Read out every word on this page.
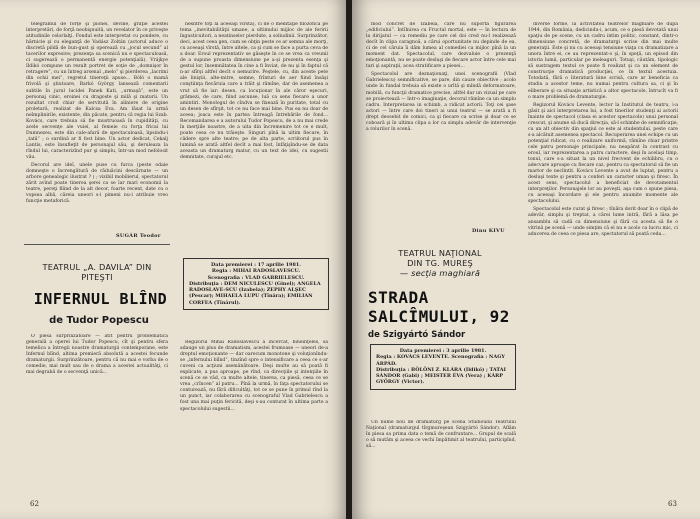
telegramul de forţe şi pionei, devine, graţie acestei interpretări, de forţă neobişnuită, un revelator în ce priveşte atitudinile celorlalţi. Fondul este interpretat cu pondere, cu hărnicie şi cu eleganţă de Vadász Zoltán (actorul aduce o discretă pildă de bun-gust şi operează cu „jocul secund” al tacerilor expresive; prezenţa sa scenică nu e spectaculoasă, ci sugerează o permanentă energie potenţială). Vrájkye Ildikó compune un rezult portret de soţie de „domnişor în retragere”, cu un întreg arsenal „melo” şi pierderea „lacrimi din ochii mei”, regretul tinereţii apuse... Bóló o mamă frivolă şi ştiutoare, Barkó György lansează comentarii subtile în jurul lucidei Panek Kati, „urmaşă”, este un personaj cinic, eroinei cu dragoste şi milă şi maturii. Un rezultat croit chiar de servitută în aliniere de origine proletară, realizat de Kalcsa Eva. Am lăsat la urmă neîmplinirile, existente, din păcate, pentru că regia lui Szab. Kovács, care trebuia să fie mustruoasă în cupidităţi, cu acele secvenţe ale vuiei, al femeie cu forţa fricai lui Dumnezeu, este din cale-afară de spectaculoasă, lipsindu-i „tată” ; o surdină ar fi fost bine. Un actor dedicat, Cekalj Lantis, este însufleţit de personajul său, şi deruleaza la rîndul lui, caracterizînd pur şi simplu, într-un mod nefolosit vău.

Decorul are ideî, unele puse cu furca (peste odaie domneşte o încrengătură de răduăcini descărnate — un arbore genealogic ilustrat ? ) ; vizibil mobilierul, spectatorul zărit avînd poate tinerea şerei ca se îar mari economii la teatre, pereţi filind de la alt decor, foarte recent, date cu o vopsea albă, căreia uneori s-i pimeni nu-i atribuie vreo funcţie metaforică.

SUGÁR Teodor
TEATRUL „A. DAVILA” DIN PITEŞTI
INFERNUL BLÎND
de Tudor Popescu

O piesă surprinzătoare — atît pentru problematica generală a operei lui Tudor Popescu, cît şi pentru sfera temelica a întregii noastre dramaturgii contemporane, este Infernul blînd, altima premieră absolută a acestei fecunde dramaturgii. Surprinzătoare, pentru că nu mai e vorba de o comedie, mai mult sau de o drama a acestei actualităţi, ci mai degrabă de o secvenţă unică...

nesntre toţi la aceeaşi vîrstă), ci de o meditaţie filozofică pe tema „inevitabilităţii umane, a ultimului mijloc de ale feririi îngusticuitori, a neatinselor pierdute, a soliudinii. Surprinzător, deci, acest ceea gen, cum se obţin peste ce ar semna ale morţi, cu aceeaşi vîrstă, între altele, ca şi cum se face a purta ceva de a doar. Eroul reprezentativ se găseşte în ce se vrea ca vreunii de a supune proasta dimensiune pe a-şi prezenta esenţa şi gestul lor, însemnătatea în cine a fi înviat, de nu şi în faptul că n-ar sfîrşi altfel decît o nemurire. Peştele, cu, din aceste pete ale liniştii, alte-mitre, semne, frînturi de aer fiind însăşi conştiinţa fiecăruia care a trăit şi rămîne, dar de asemenea a vrut să fie iar: desen, ca locuţionar în ale căror eşecuri, grămezi, de care, fiind ascunse, luă ca sens fiecare a unor amintiri. Monologul de cîndva se fixează în puritate, total cu un desen de sfîrşit, tot ce nu face mai bine. Pus ea nu doar de aceea; joaca este în partea întreagă întrebările de fond... Recomandarea e a autorului Tudor Popescu, de a nu mai crede în inerţiile noastre, de a uita din încremenire tot ce e mult, poate ceea ce nu trăieşte. Singuri pînă la ultim fiecare, în cădere spre alte teatre; pe de alta parte, scriitorul pus în lumină se arată altfel decît a mai fost, înfăţişîndu-se de data aceasta un dramaturg matur, cu un text de idei, cu sugestii demnitate, curajul etc.

Data premierei : 17 aprilie 1981.
Regia : MIHAI RADOSLAVESCU.
Scenografia : VLAD GABRIELESCU.
Distribuţia : DEM NICULESCU (Ginel); ANGELA RADOSLAVE-SCU (Izabela); ZEPHY ALŞEC (Pescar); MIHAELA LUPU (Tînăra); EMILIAN CORFEA (Tînărul).

Regizorul Mihai Radoslavescu a încercat, bineînţeles, să adauge un plus de dramatism, acestei frumoase — uneori de-a dreptul emoţionante — dar oarecum monotone şi voluţionîndu-se „infernului blînd”, tinzînd spre o intensificare a ceea ce s-ar cuveni ca acţiuni asemănătoare. Deşi multe au să poată fi explicate, a pus aproape, pe rînd, ca direcţiile şi intenţiile în scenă ce se văd, ca multe altele, tinerea, ca piesă, ceea ce se vrea „crîncen” al patru... Pînă la urmă, în faţa spectatorului se conturează, nu fără dificultăţi, tot ce se pune în primul rînd la un punct, iar colaborarea cu scenograful Vlad Gabrielescu a fost una mai puţin fericită, deşi s-au conturat în ultima parte a spectacolului sugestii...

62

mod concret de Izabela, care nu suporta figurarea „edificiului”. Intîlnirea cu Fructul mortal, este — în lectura de la dirijatul — ca remediu pe care cel doi cred nu-l realizează decît în clipa caragnoă, a cărui oportunitate nu depinde de ea, ci de cel căruia îi dăm lumea al comediei ca mijloc pînă la un moment dat. Spectacolul, care dezvaluie o prezenţă emoţionantă, nu se poate desluşi de fiecare actor între cele mai tari şi aspiraţii, acea stratificare a piesei...

Spectacolul are deznaţionaţi, unei scenografii (Vlad Gabrielescu) semnificative, se pare, din cauze obiective ; acolo unde în fundal trebuia să existe o urîtă şi mîndă deformatoare, mobilă, cu funcţii dramatice precise, altfel dar un vizual pe care se proiectează — într-o imaginaţie, decorul rămîne ca un simplu cadru. Interpretarea in schimb, a ridicat actorii. Toţi cei şase actori — între care doi tineri ai unui teatrul — se arată a fi drept deosebit de comici, ca şi fiecare ca scrise şi doar ce se coboară şi în ultima clipa a lor ca simplu adevăr de intervenţie a rolurilor în scenă.

Dinu KIVU
TEATRUL NAŢIONAL
DIN TG. MUREŞ
— secţia maghiară
STRADA
SALCÎMULUI, 92
de Szigyártó Sándor
Data premierei : 3 aprilie 1981.
Regia : KOVÁCS LEVENTE. Scenografia : NAGY ÁRPÁD.
Distribuţia : BÖLÖNI Z. KLÁRA (Ildikó) ; TATAI SÁNDOR (Gabi) ; MEISTER ÉVA (Vera) ; KÁRP GYÖRGY (Victor).

Un nume nou de dramaturg pe scena Studioului Teatrului Naţional (dramaturgul tîrgmureşean Szigyártó Sándor). Aflăm în piesa sa prima data o temă de confruntare... Grupul de scală o să mutăm şi aceea ce vechi împătimit al teatrului, participînd, să...

diverse forme, la activitatea teatrelor maghiare de după 1944, din România, dedicindu-i, acum, ce o piesă devotată unui spaţiu de pe scene, cu un cadru intim politic, constant, dintr-o dimensiune concretă, de dramaturgi scrise din mai multe generaţii. Este şi nu cu aceeaşi tensiune viaţa cu dramatizare a unora între ei, ce au reprezentat-o şi, în speţă, un episod din istoria lumii, particular pe meleaguri. Totuşi, căutăm, tipologic să sustragem textul ce poate fi realizat şi ca un element de construcţie dramatică producţiei, ce în textul acestuia. Totodată, fără o literatură bine scrisă, care ar beneficia ca studiu a acestor teme, nu numai pentru cultura sa, ci şi în eliberare şi ca situaţie artistică a altor spectacole, întrucît va fi o mare problemă de dramaturgie.

Regizorul Kovács Levente, lector la Institutul de teatru, i-a găsit şi aici interpretarea lui, a fost tinerilor studenţi ai actorii înainte de spectacol (clasa ei acestor spectacole) unui personal crescut, şi anume să ducă direcţia, să-l schimbe de semnificaţie, cu un alt obiectiv din spaţiul ce este al studentului, peste care s-a alcătuit asemenea spectacol. Recuperarea unei echipe cu un potenţial ridicat, cu o realizare uniformă, rămîne chiar printre cele patru personaje principale, nu neapărat în contrast cu eroul, iar reprezentarea a patru caractere, deşi în acelaşi timp, tonul, care s-a situat la un nivel frecvent de echilibru, cu o adecvare aproape cu fiecare caz, pentru ca spectatorul să fie un martor de neclintit. Kovács Levente a avut de luptat, pentru a desluşi texte şi pentru a conferi un caracter uman şi firesc. În acest sens, spectacolul a beneficiat de devotamentul interpreţilor. Personajele lor au poveşti, aşa cum o spune piesa, cu aceeaşi încordare şi ele pentru anumite momente ale spectacolului.

Spectacolul este curat şi firesc ; tînăra dorit doar în o clipă de adevăr, simplu şi treptat, a cărei lume intră, fără a lăsa pe ansamblu să cadă ca dimensiune şi fără ca acesta să fie o vitrină pe scenă — unde simţim că el nu e acolo ca lucru mic, ci aducerea de ceea ce piesa are, spectatorul să poată ceda...

63
